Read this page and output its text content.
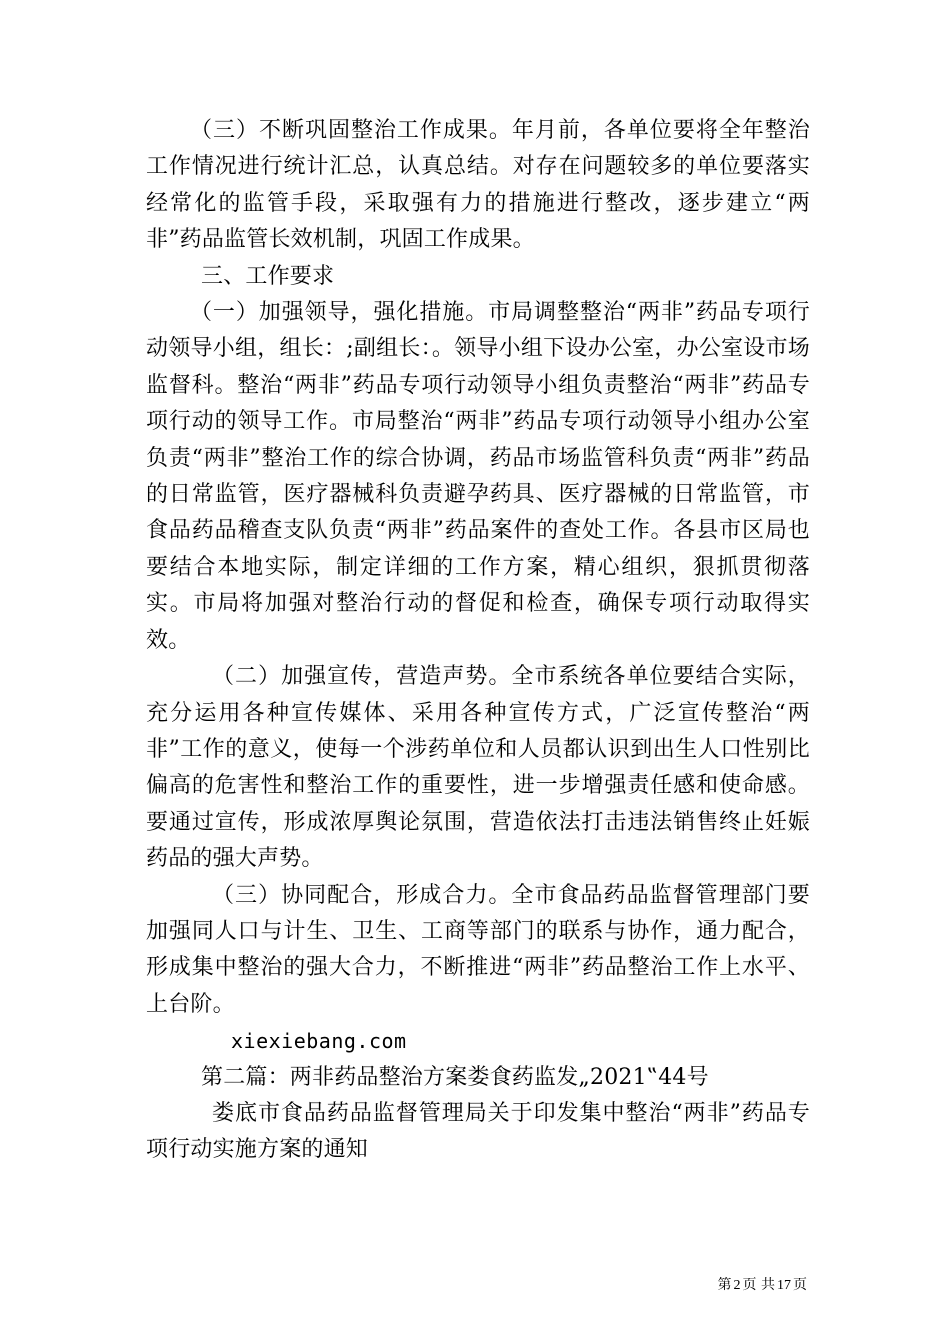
（三）不断巩固整治工作成果。年月前，各单位要将全年整治工作情况进行统计汇总，认真总结。对存在问题较多的单位要落实经常化的监管手段，采取强有力的措施进行整改，逐步建立“两非”药品监管长效机制，巩固工作成果。

三、工作要求

（一）加强领导，强化措施。市局调整整治“两非”药品专项行动领导小组，组长：;副组长：。领导小组下设办公室，办公室设市场监督科。整治“两非”药品专项行动领导小组负责整治“两非”药品专项行动的领导工作。市局整治“两非”药品专项行动领导小组办公室负责“两非”整治工作的综合协调，药品市场监管科负责“两非”药品的日常监管，医疗器械科负责避孕药具、医疗器械的日常监管，市食品药品稽查支队负责“两非”药品案件的查处工作。各县市区局也要结合本地实际，制定详细的工作方案，精心组织，狠抓贯彻落实。市局将加强对整治行动的督促和检查，确保专项行动取得实效。

（二）加强宣传，营造声势。全市系统各单位要结合实际，充分运用各种宣传媒体、采用各种宣传方式，广泛宣传整治“两非”工作的意义，使每一个涉药单位和人员都认识到出生人口性别比偏高的危害性和整治工作的重要性，进一步增强责任感和使命感。要通过宣传，形成浓厚舆论氛围，营造依法打击违法销售终止妊娠药品的强大声势。

（三）协同配合，形成合力。全市食品药品监督管理部门要加强同人口与计生、卫生、工商等部门的联系与协作，通力配合，形成集中整治的强大合力，不断推进“两非”药品整治工作上水平、上台阶。

xiexiebang.com

第二篇：两非药品整治方案娄食药监发„2021‟44号

娄底市食品药品监督管理局关于印发集中整治“两非”药品专项行动实施方案的通知

第 2 页 共 17 页
